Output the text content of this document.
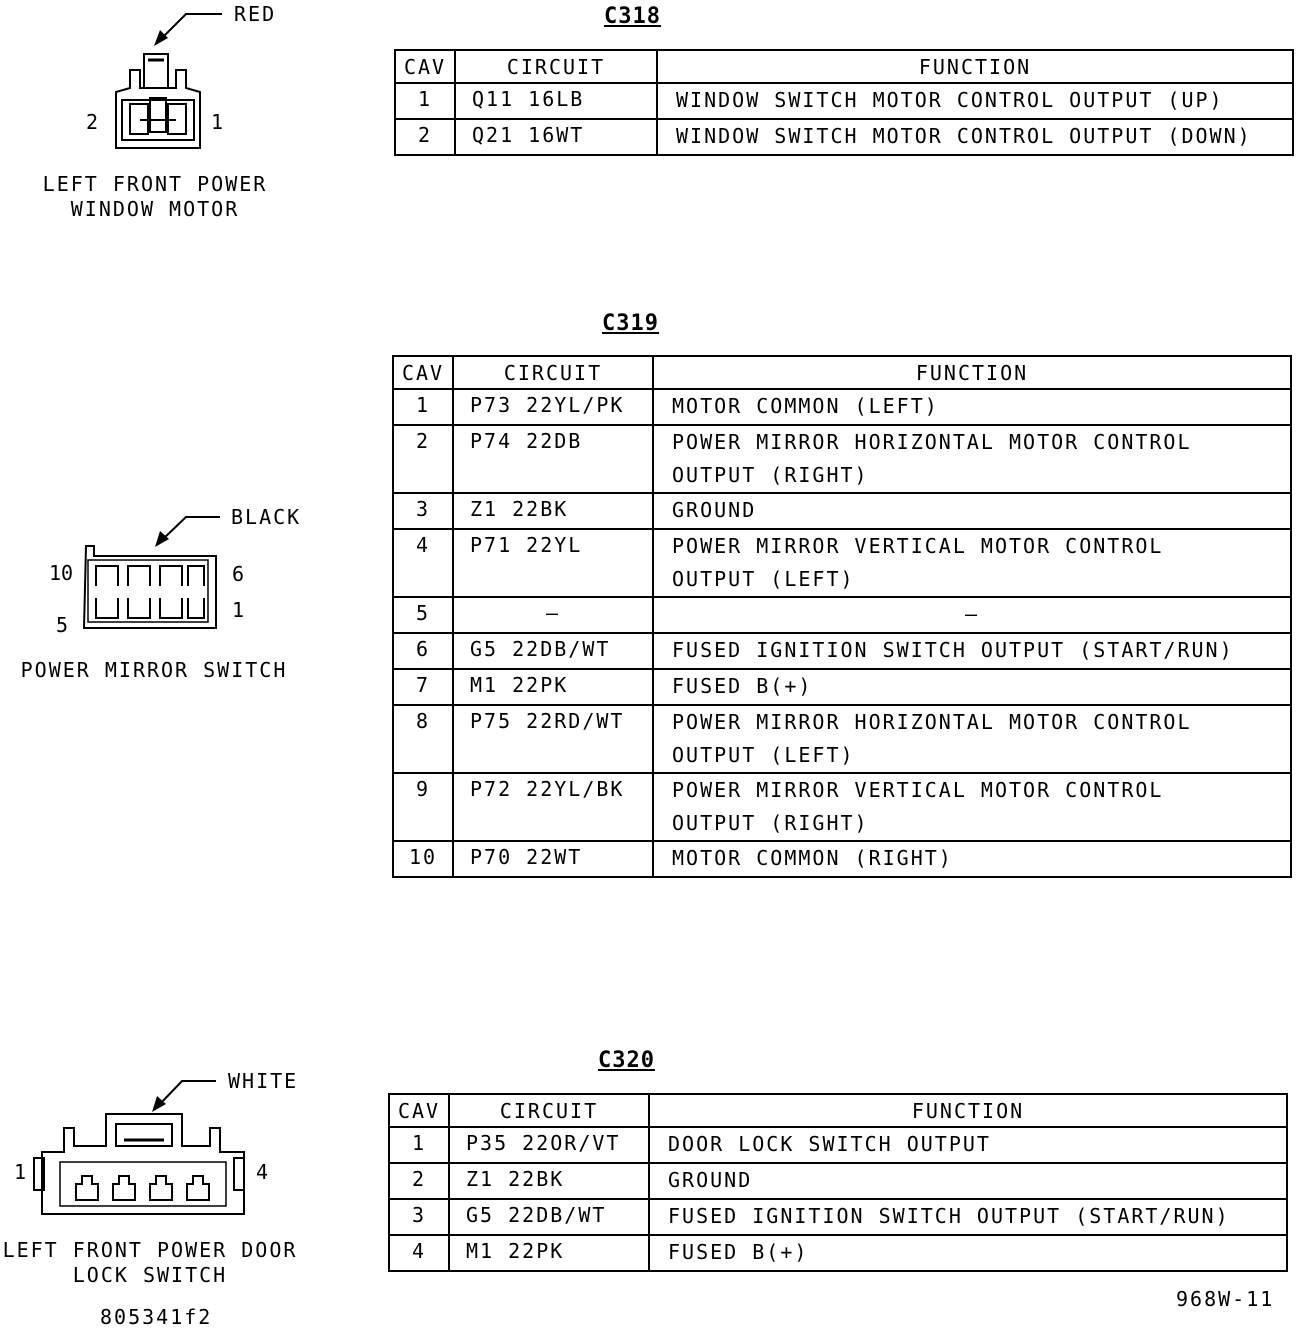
C318
RED
2	1
LEFT FRONT POWER
WINDOW MOTOR
CAV	CIRCUIT	FUNCTION
1	Q11 16LB	WINDOW SWITCH MOTOR CONTROL OUTPUT (UP)
2	Q21 16WT	WINDOW SWITCH MOTOR CONTROL OUTPUT (DOWN)
C319
BLACK
10	6
5
1
POWER MIRROR SWITCH
CAV	CIRCUIT	FUNCTION
1	P73 22YL/PK	MOTOR COMMON (LEFT)
2	P74 22DB	POWER MIRROR HORIZONTAL MOTOR CONTROL
OUTPUT (RIGHT)

3	Z1 22BK	GROUND
4	P71 22YL	POWER MIRROR VERTICAL MOTOR CONTROL
OUTPUT (LEFT)

5	–	–
6	G5 22DB/WT	FUSED IGNITION SWITCH OUTPUT (START/RUN)
7	M1 22PK	FUSED B(+)
8	P75 22RD/WT	POWER MIRROR HORIZONTAL MOTOR CONTROL
OUTPUT (LEFT)

9	P72 22YL/BK	POWER MIRROR VERTICAL MOTOR CONTROL
OUTPUT (RIGHT)

10	P70 22WT	MOTOR COMMON (RIGHT)
C320
WHITE
1	4
LEFT FRONT POWER DOOR
LOCK SWITCH
CAV	CIRCUIT	FUNCTION
1	P35 22OR/VT	DOOR LOCK SWITCH OUTPUT
2	Z1 22BK	GROUND
3	G5 22DB/WT	FUSED IGNITION SWITCH OUTPUT (START/RUN)
4	M1 22PK	FUSED B(+)
805341f2
968W-11
